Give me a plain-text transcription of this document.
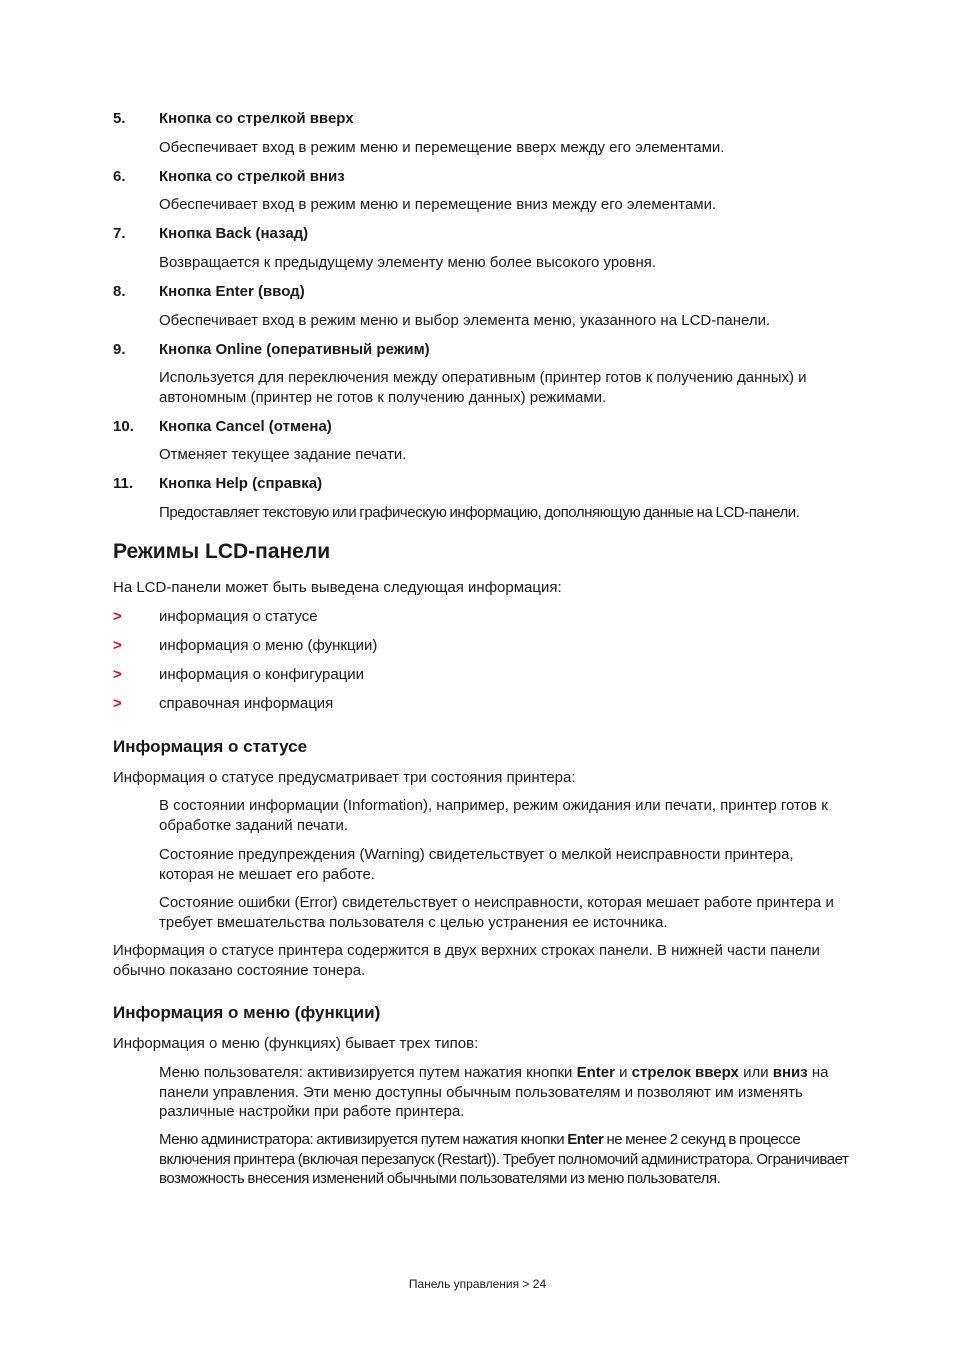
5. Кнопка со стрелкой вверх
Обеспечивает вход в режим меню и перемещение вверх между его элементами.
6. Кнопка со стрелкой вниз
Обеспечивает вход в режим меню и перемещение вниз между его элементами.
7. Кнопка Back (назад)
Возвращается к предыдущему элементу меню более высокого уровня.
8. Кнопка Enter (ввод)
Обеспечивает вход в режим меню и выбор элемента меню, указанного на LCD-панели.
9. Кнопка Online (оперативный режим)
Используется для переключения между оперативным (принтер готов к получению данных) и автономным (принтер не готов к получению данных) режимами.
10. Кнопка Cancel (отмена)
Отменяет текущее задание печати.
11. Кнопка Help (справка)
Предоставляет текстовую или графическую информацию, дополняющую данные на LCD-панели.
Режимы LCD-панели
На LCD-панели может быть выведена следующая информация:
> информация о статусе
> информация о меню (функции)
> информация о конфигурации
> справочная информация
Информация о статусе
Информация о статусе предусматривает три состояния принтера:
В состоянии информации (Information), например, режим ожидания или печати, принтер готов к обработке заданий печати.
Состояние предупреждения (Warning) свидетельствует о мелкой неисправности принтера, которая не мешает его работе.
Состояние ошибки (Error) свидетельствует о неисправности, которая мешает работе принтера и требует вмешательства пользователя с целью устранения ее источника.
Информация о статусе принтера содержится в двух верхних строках панели. В нижней части панели обычно показано состояние тонера.
Информация о меню (функции)
Информация о меню (функциях) бывает трех типов:
Меню пользователя: активизируется путем нажатия кнопки Enter и стрелок вверх или вниз на панели управления. Эти меню доступны обычным пользователям и позволяют им изменять различные настройки при работе принтера.
Меню администратора: активизируется путем нажатия кнопки Enter не менее 2 секунд в процессе включения принтера (включая перезапуск (Restart)). Требует полномочий администратора. Ограничивает возможность внесения изменений обычными пользователями из меню пользователя.
Панель управления > 24
